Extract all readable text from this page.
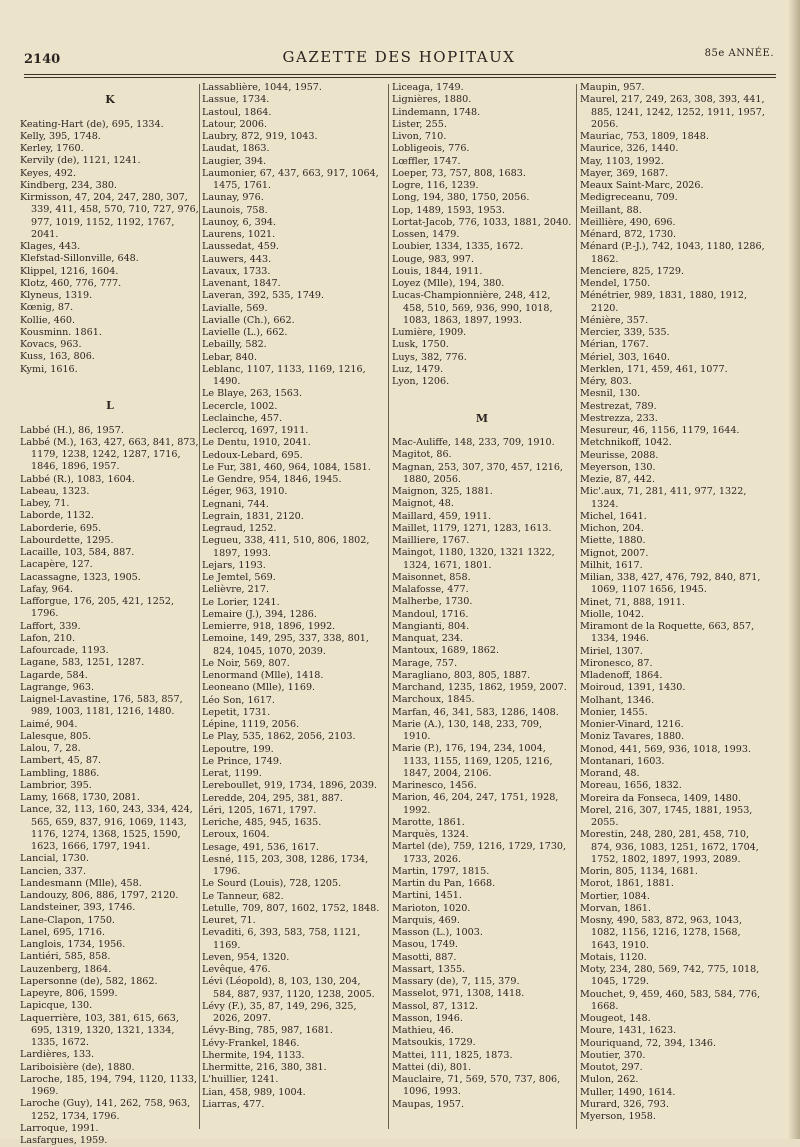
2140	GAZETTE DES HOPITAUX	85e ANNÉE.
K
Keating-Hart (de), 695, 1334.
Kelly, 395, 1748.
Kerley, 1760.
Kervily (de), 1121, 1241.
Keyes, 492.
Kindberg, 234, 380.
Kirmisson, 47, 204, 247, 280, 307, 339, 411, 458, 570, 710, 727, 976, 977, 1019, 1152, 1192, 1767, 2041.
Klages, 443.
Klefstad-Sillonville, 648.
Klippel, 1216, 1604.
Klotz, 460, 776, 777.
Klyneus, 1319.
Kœnig, 87.
Kollie, 460.
Kousminn. 1861.
Kovacs, 963.
Kuss, 163, 806.
Kymi, 1616.
L
Labbé (H.), 86, 1957.
Labbé (M.), 163, 427, 663, 841, 873, 1179, 1238, 1242, 1287, 1716, 1846, 1896, 1957.
Labbé (R.), 1083, 1604.
Labeau, 1323.
Labey, 71.
Laborde, 1132.
Laborderie, 695.
Labourdette, 1295.
Lacaille, 103, 584, 887.
Lacapère, 127.
Lacassagne, 1323, 1905.
Lafay, 964.
Lafforgue, 176, 205, 421, 1252, 1796.
Laffort, 339.
Lafon, 210.
Lafourcade, 1193.
Lagane, 583, 1251, 1287.
Lagarde, 584.
Lagrange, 963.
Laignel-Lavastine, 176, 583, 857, 989, 1003, 1181, 1216, 1480.
Laimé, 904.
Lalesque, 805.
Lalou, 7, 28.
Lambert, 45, 87.
Lambling, 1886.
Lambrior, 395.
Lamy, 1668, 1730, 2081.
Lance, 32, 113, 160, 243, 334, 424, 565, 659, 837, 916, 1069, 1143, 1176, 1274, 1368, 1525, 1590, 1623, 1666, 1797, 1941.
Lancial, 1730.
Lancien, 337.
Landesmann (Mlle), 458.
Landouzy, 806, 886, 1797, 2120.
Landsteiner, 393, 1746.
Lane-Clapon, 1750.
Lanel, 695, 1716.
Langlois, 1734, 1956.
Lantiéri, 585, 858.
Lauzenberg, 1864.
Lapersonne (de), 582, 1862.
Lapeyre, 806, 1599.
Lapicque, 130.
Laquerrière, 103, 381, 615, 663, 695, 1319, 1320, 1321, 1334, 1335, 1672.
Lardières, 133.
Lariboisière (de), 1880.
Laroche, 185, 194, 794, 1120, 1133, 1969.
Laroche (Guy), 141, 262, 758, 963, 1252, 1734, 1796.
Larroque, 1991.
Lasfargues, 1959.
Lassablière, 1044, 1957.
Lassue, 1734.
Lastoul, 1864.
Latour, 2006.
Laubry, 872, 919, 1043.
Laudat, 1863.
Laugier, 394.
Laumonier, 67, 437, 663, 917, 1064, 1475, 1761.
Launay, 976.
Launois, 758.
Launoy, 6, 394.
Laurens, 1021.
Laussedat, 459.
Lauwers, 443.
Lavaux, 1733.
Lavenant, 1847.
Laveran, 392, 535, 1749.
Lavialle, 569.
Lavialle (Ch.), 662.
Lavielle (L.), 662.
Lebailly, 582.
Lebar, 840.
Leblanc, 1107, 1133, 1169, 1216, 1490.
Le Blaye, 263, 1563.
Lecercle, 1002.
Leclainche, 457.
Leclercq, 1697, 1911.
Le Dentu, 1910, 2041.
Ledoux-Lebard, 695.
Le Fur, 381, 460, 964, 1084, 1581.
Le Gendre, 954, 1846, 1945.
Léger, 963, 1910.
Legnani, 744.
Legrain, 1831, 2120.
Legraud, 1252.
Legueu, 338, 411, 510, 806, 1802, 1897, 1993.
Lejars, 1193.
Le Jemtel, 569.
Lelièvre, 217.
Le Lorier, 1241.
Lemaire (J.), 394, 1286.
Lemierre, 918, 1896, 1992.
Lemoine, 149, 295, 337, 338, 801, 824, 1045, 1070, 2039.
Le Noir, 569, 807.
Lenormand (Mlle), 1418.
Leoneano (Mlle), 1169.
Léo Son, 1617.
Lepetit, 1731.
Lépine, 1119, 2056.
Le Play, 535, 1862, 2056, 2103.
Lepoutre, 199.
Le Prince, 1749.
Lerat, 1199.
Lereboullet, 919, 1734, 1896, 2039.
Leredde, 204, 295, 381, 887.
Léri, 1205, 1671, 1797.
Leriche, 485, 945, 1635.
Leroux, 1604.
Lesage, 491, 536, 1617.
Lesné, 115, 203, 308, 1286, 1734, 1796.
Le Sourd (Louis), 728, 1205.
Le Tanneur, 682.
Letulle, 709, 807, 1602, 1752, 1848.
Leuret, 71.
Levaditi, 6, 393, 583, 758, 1121, 1169.
Leven, 954, 1320.
Levêque, 476.
Lévi (Léopold), 8, 103, 130, 204, 584, 887, 937, 1120, 1238, 2005.
Lévy (F.), 35, 87, 149, 296, 325, 2026, 2097.
Lévy-Bing, 785, 987, 1681.
Lévy-Frankel, 1846.
Lhermite, 194, 1133.
Lhermitte, 216, 380, 381.
L'huillier, 1241.
Lian, 458, 989, 1004.
Liarras, 477.
Liceaga, 1749.
Lignières, 1880.
Lindemann, 1748.
Lister, 255.
Livon, 710.
Lobligeois, 776.
Lœffler, 1747.
Loeper, 73, 757, 808, 1683.
Logre, 116, 1239.
Long, 194, 380, 1750, 2056.
Lop, 1489, 1593, 1953.
Lortat-Jacob, 776, 1033, 1881, 2040.
Lossen, 1479.
Loubier, 1334, 1335, 1672.
Louge, 983, 997.
Louis, 1844, 1911.
Loyez (Mlle), 194, 380.
Lucas-Championnière, 248, 412, 458, 510, 569, 936, 990, 1018, 1083, 1863, 1897, 1993.
Lumière, 1909.
Lusk, 1750.
Luys, 382, 776.
Luz, 1479.
Lyon, 1206.
M
Mac-Auliffe, 148, 233, 709, 1910.
Magitot, 86.
Magnan, 253, 307, 370, 457, 1216, 1880, 2056.
Maignon, 325, 1881.
Maignot, 48.
Maillard, 459, 1911.
Maillet, 1179, 1271, 1283, 1613.
Mailliere, 1767.
Maingot, 1180, 1320, 1321 1322, 1324, 1671, 1801.
Maisonnet, 858.
Malafosse, 477.
Malherbe, 1730.
Mandoul, 1716.
Mangianti, 804.
Manquat, 234.
Mantoux, 1689, 1862.
Marage, 757.
Maragliano, 803, 805, 1887.
Marchand, 1235, 1862, 1959, 2007.
Marchoux, 1845.
Marfan, 46, 341, 583, 1286, 1408.
Marie (A.), 130, 148, 233, 709, 1910.
Marie (P.), 176, 194, 234, 1004, 1133, 1155, 1169, 1205, 1216, 1847, 2004, 2106.
Marinesco, 1456.
Marion, 46, 204, 247, 1751, 1928, 1992.
Marotte, 1861.
Marquès, 1324.
Martel (de), 759, 1216, 1729, 1730, 1733, 2026.
Martin, 1797, 1815.
Martin du Pan, 1668.
Martini, 1451.
Marioton, 1020.
Marquis, 469.
Masson (L.), 1003.
Masou, 1749.
Masotti, 887.
Massart, 1355.
Massary (de), 7, 115, 379.
Masselot, 971, 1308, 1418.
Massol, 87, 1312.
Masson, 1946.
Mathieu, 46.
Matsoukis, 1729.
Mattei, 111, 1825, 1873.
Mattei (di), 801.
Mauclaire, 71, 569, 570, 737, 806, 1096, 1993.
Maupas, 1957.
Maupin, 957.
Maurel, 217, 249, 263, 308, 393, 441, 885, 1241, 1242, 1252, 1911, 1957, 2056.
Mauriac, 753, 1809, 1848.
Maurice, 326, 1440.
May, 1103, 1992.
Mayer, 369, 1687.
Meaux Saint-Marc, 2026.
Medigreceanu, 709.
Meillant, 88.
Meillière, 490, 696.
Ménard, 872, 1730.
Ménard (P.-J.), 742, 1043, 1180, 1286, 1862.
Menciere, 825, 1729.
Mendel, 1750.
Ménétrier, 989, 1831, 1880, 1912, 2120.
Ménière, 357.
Mercier, 339, 535.
Mérian, 1767.
Mériel, 303, 1640.
Merklen, 171, 459, 461, 1077.
Méry, 803.
Mesnil, 130.
Mestrezat, 789.
Mestrezza, 233.
Mesureur, 46, 1156, 1179, 1644.
Metchnikoff, 1042.
Meurisse, 2088.
Meyerson, 130.
Mezie, 87, 442.
Mic'.aux, 71, 281, 411, 977, 1322, 1324.
Michel, 1641.
Michon, 204.
Miette, 1880.
Mignot, 2007.
Milhit, 1617.
Milian, 338, 427, 476, 792, 840, 871, 1069, 1107 1656, 1945.
Minet, 71, 888, 1911.
Miolle, 1042.
Miramont de la Roquette, 663, 857, 1334, 1946.
Miriel, 1307.
Mironesco, 87.
Mladenoff, 1864.
Moiroud, 1391, 1430.
Molhant, 1346.
Monier, 1455.
Monier-Vinard, 1216.
Moniz Tavares, 1880.
Monod, 441, 569, 936, 1018, 1993.
Montanari, 1603.
Morand, 48.
Moreau, 1656, 1832.
Moreira da Fonseca, 1409, 1480.
Morel, 216, 307, 1745, 1881, 1953, 2055.
Morestin, 248, 280, 281, 458, 710, 874, 936, 1083, 1251, 1672, 1704, 1752, 1802, 1897, 1993, 2089.
Morin, 805, 1134, 1681.
Morot, 1861, 1881.
Mortier, 1084.
Morvan, 1861.
Mosny, 490, 583, 872, 963, 1043, 1082, 1156, 1216, 1278, 1568, 1643, 1910.
Motais, 1120.
Moty, 234, 280, 569, 742, 775, 1018, 1045, 1729.
Mouchet, 9, 459, 460, 583, 584, 776, 1668.
Mougeot, 148.
Moure, 1431, 1623.
Mouriquand, 72, 394, 1346.
Moutier, 370.
Moutot, 297.
Mulon, 262.
Muller, 1490, 1614.
Murard, 326, 793.
Myerson, 1958.
